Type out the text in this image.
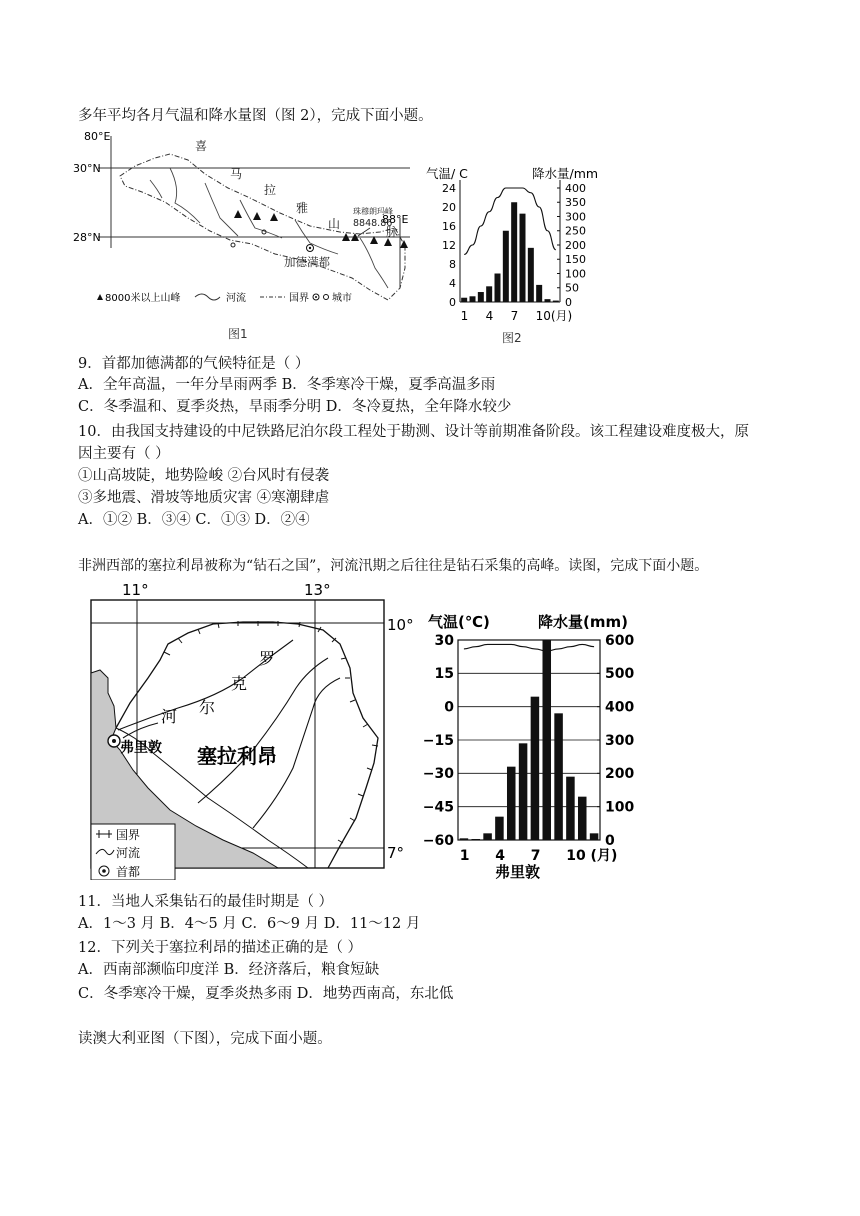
多年平均各月气温和降水量图（图 2），完成下面小题。
80°E
88°E
30°N
28°N
喜
马
拉
雅
山
脉
珠穆朗玛峰
8848.86
加德满都
8000米以上山峰	河流	国界 城市
图1
气温/ C	降水量/mm
24
20
16
12
8
4
0
400
350
300
250
200
150
100
50
0
1 4 7 10(月)
图2
9．首都加德满都的气候特征是（ ）
A．全年高温，一年分旱雨两季 B．冬季寒冷干燥，夏季高温多雨
C．冬季温和、夏季炎热，旱雨季分明 D．冬冷夏热，全年降水较少
10．由我国支持建设的中尼铁路尼泊尔段工程处于勘测、设计等前期准备阶段。该工程建设难度极大，原
因主要有（ ）
①山高坡陡，地势险峻 ②台风时有侵袭
③多地震、滑坡等地质灾害 ④寒潮肆虐
A．①② B．③④ C．①③ D．②④
非洲西部的塞拉利昂被称为“钻石之国”，河流汛期之后往往是钻石采集的高峰。读图，完成下面小题。
11°	13°
10°
7°
罗
克
尔
河
弗里敦 塞拉利昂
国界
河流
首都
气温(℃)	降水量(mm)
30
15
0
−15
−30
−45
−60
600
500
400
300
200
100
0
1 4 7 10 (月)
弗里敦
11．当地人采集钻石的最佳时期是（ ）
A．1～3 月 B．4～5 月 C．6～9 月 D．11～12 月
12．下列关于塞拉利昂的描述正确的是（ ）
A．西南部濒临印度洋 B．经济落后，粮食短缺
C．冬季寒冷干燥，夏季炎热多雨 D．地势西南高，东北低
读澳大利亚图（下图），完成下面小题。
